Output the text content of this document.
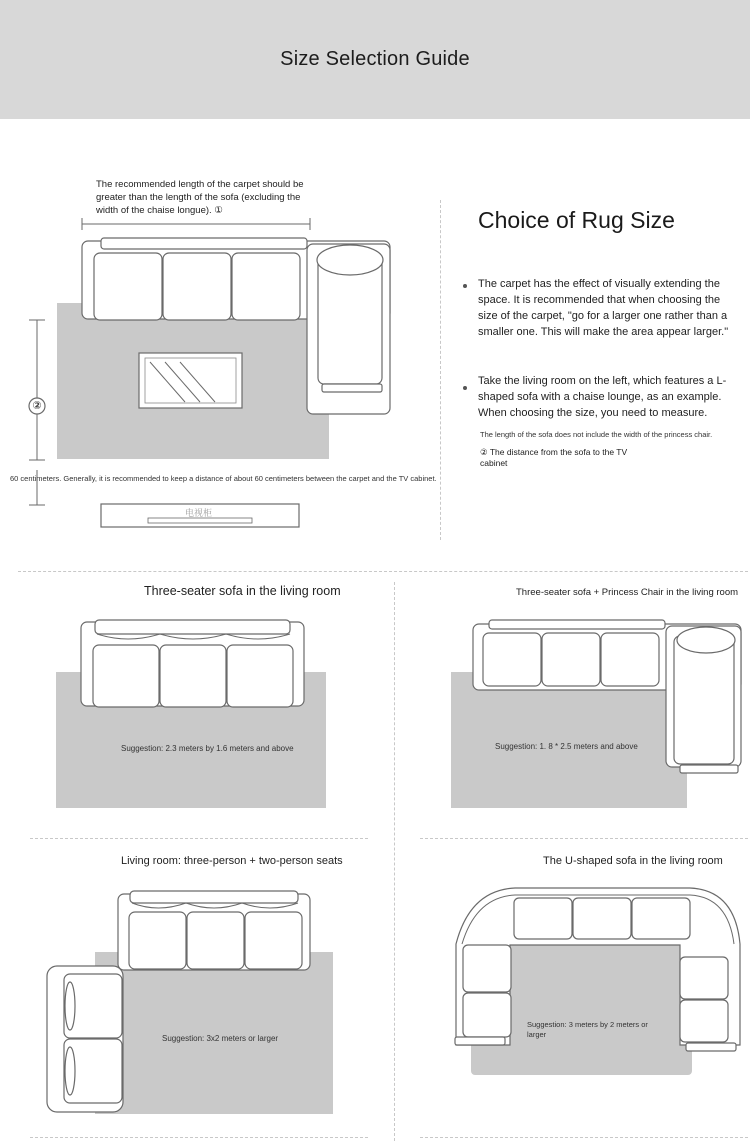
Size Selection Guide
The recommended length of the carpet should be greater than the length of the sofa (excluding the width of the chaise longue). ①
②
60 centimeters. Generally, it is recommended to keep a distance of about 60 centimeters between the carpet and the TV cabinet.
电视柜
Choice of Rug Size
The carpet has the effect of visually extending the space. It is recommended that when choosing the size of the carpet, "go for a larger one rather than a smaller one. This will make the area appear larger."
Take the living room on the left, which features a L-shaped sofa with a chaise lounge, as an example. When choosing the size, you need to measure.
The length of the sofa does not include the width of the princess chair.
② The distance from the sofa to the TV cabinet
Three-seater sofa in the living room
Suggestion: 2.3 meters by 1.6 meters and above
Three-seater sofa + Princess Chair in the living room
Suggestion: 1. 8 * 2.5 meters and above
Living room: three-person + two-person seats
Suggestion: 3x2 meters or larger
The U-shaped sofa in the living room
Suggestion: 3 meters by 2 meters or larger
